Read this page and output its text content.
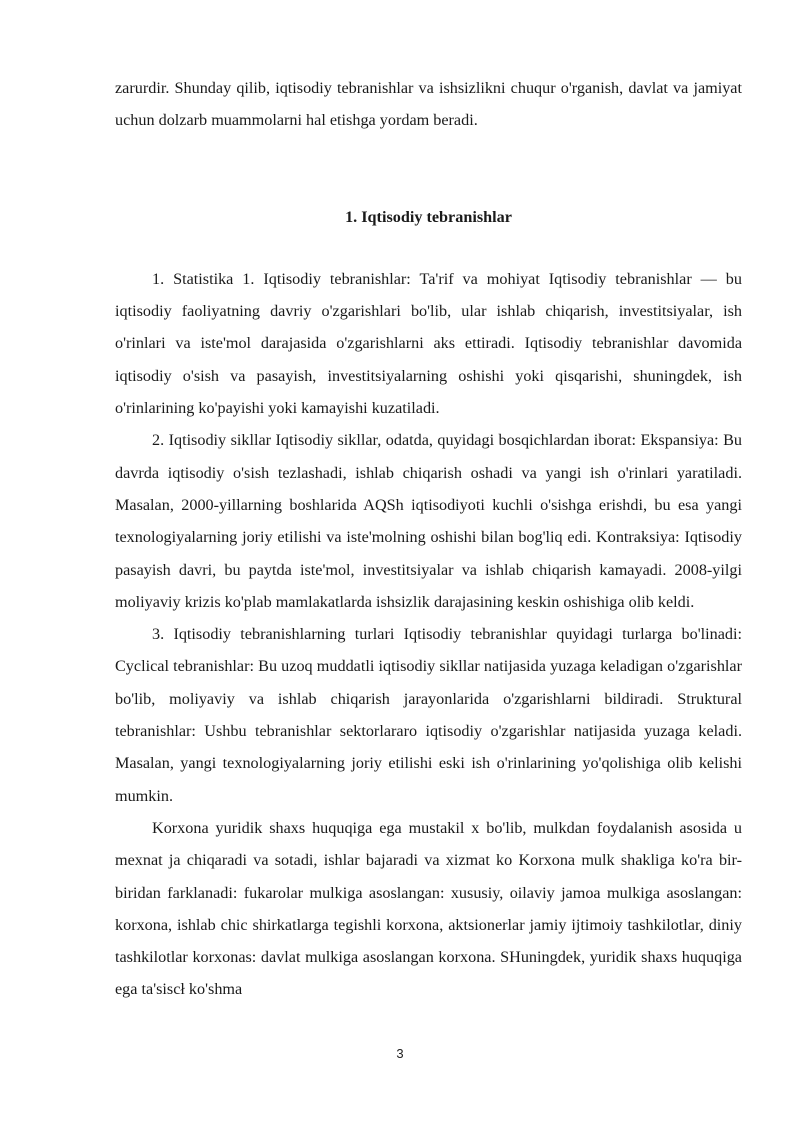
zarurdir. Shunday qilib, iqtisodiy tebranishlar va ishsizlikni chuqur o'rganish, davlat va jamiyat uchun dolzarb muammolarni hal etishga yordam beradi.

1. Iqtisodiy tebranishlar

1. Statistika 1. Iqtisodiy tebranishlar: Ta'rif va mohiyat Iqtisodiy tebranishlar — bu iqtisodiy faoliyatning davriy o'zgarishlari bo'lib, ular ishlab chiqarish, investitsiyalar, ish o'rinlari va iste'mol darajasida o'zgarishlarni aks ettiradi. Iqtisodiy tebranishlar davomida iqtisodiy o'sish va pasayish, investitsiyalarning oshishi yoki qisqarishi, shuningdek, ish o'rinlarining ko'payishi yoki kamayishi kuzatiladi.

2. Iqtisodiy sikllar Iqtisodiy sikllar, odatda, quyidagi bosqichlardan iborat: Ekspansiya: Bu davrda iqtisodiy o'sish tezlashadi, ishlab chiqarish oshadi va yangi ish o'rinlari yaratiladi. Masalan, 2000-yillarning boshlarida AQSh iqtisodiyoti kuchli o'sishga erishdi, bu esa yangi texnologiyalarning joriy etilishi va iste'molning oshishi bilan bog'liq edi. Kontraksiya: Iqtisodiy pasayish davri, bu paytda iste'mol, investitsiyalar va ishlab chiqarish kamayadi. 2008-yilgi moliyaviy krizis ko'plab mamlakatlarda ishsizlik darajasining keskin oshishiga olib keldi.

3. Iqtisodiy tebranishlarning turlari Iqtisodiy tebranishlar quyidagi turlarga bo'linadi: Cyclical tebranishlar: Bu uzoq muddatli iqtisodiy sikllar natijasida yuzaga keladigan o'zgarishlar bo'lib, moliyaviy va ishlab chiqarish jarayonlarida o'zgarishlarni bildiradi. Struktural tebranishlar: Ushbu tebranishlar sektorlararo iqtisodiy o'zgarishlar natijasida yuzaga keladi. Masalan, yangi texnologiyalarning joriy etilishi eski ish o'rinlarining yo'qolishiga olib kelishi mumkin.

Korxona yuridik shaxs huquqiga ega mustakil x bo'lib, mulkdan foydalanish asosida u mexnat ja chiqaradi va sotadi, ishlar bajaradi va xizmat ko Korxona mulk shakliga ko'ra bir- biridan farklanadi: fukarolar mulkiga asoslangan: xususiy, oilaviy jamoa mulkiga asoslangan: korxona, ishlab chic shirkatlarga tegishli korxona, aktsionerlar jamiy ijtimoiy tashkilotlar, diniy tashkilotlar korxonas: davlat mulkiga asoslangan korxona. SHuningdek, yuridik shaxs huquqiga ega ta'siscł ko'shma

3
